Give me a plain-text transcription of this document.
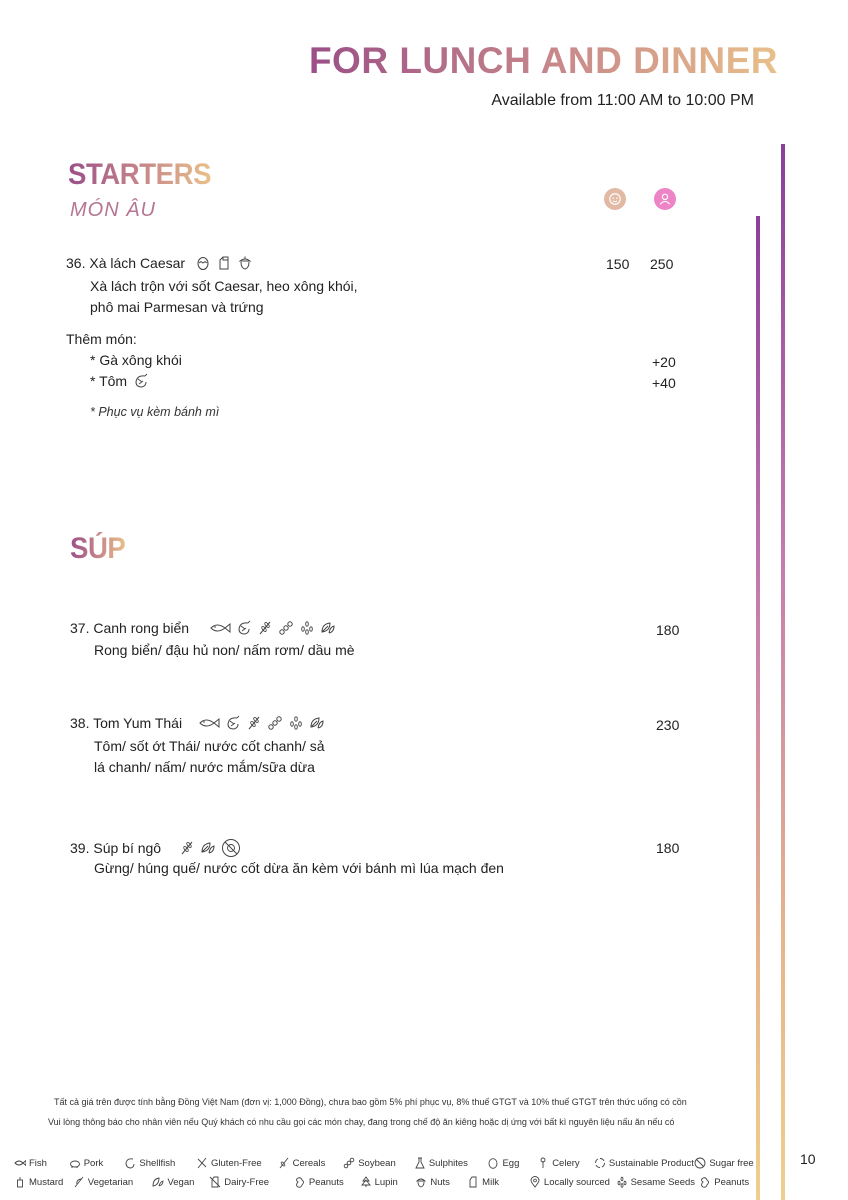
FOR LUNCH AND DINNER
Available from 11:00 AM to 10:00 PM
STARTERS
MÓN ÂU
36. Xà lách Caesar
Xà lách trộn với sốt Caesar, heo xông khói,
phô mai Parmesan và trứng
150 250
Thêm món:
* Gà xông khói	+20
* Tôm	+40
* Phục vụ kèm bánh mì
SÚP
37. Canh rong biển
Rong biển/ đậu hủ non/ nấm rơm/ dầu mè
180
38. Tom Yum Thái
Tôm/ sốt ớt Thái/ nước cốt chanh/ sả
lá chanh/ nấm/ nước mắm/sữa dừa
230
39. Súp bí ngô
Gừng/ húng quế/ nước cốt dừa ăn kèm với bánh mì lúa mạch đen
180
Tất cả giá trên được tính bằng Đồng Việt Nam (đơn vị: 1,000 Đồng), chưa bao gồm 5% phí phục vụ, 8% thuế GTGT và 10% thuế GTGT trên thức uống có cồn
Vui lòng thông báo cho nhân viên nếu Quý khách có nhu cầu gọi các món chay, đang trong chế độ ăn kiêng hoặc dị ứng với bất kì nguyên liệu nấu ăn nếu có
Fish	Pork	Shellfish	Gluten-Free	Cereals	Soybean	Sulphites	Egg	Celery	Sustainable Product Sugar free
Mustard	Vegetarian	Vegan	Dairy-Free	Peanuts	Lupin	Nuts	Milk	Locally sourced Sesame Seeds Peanuts
10
